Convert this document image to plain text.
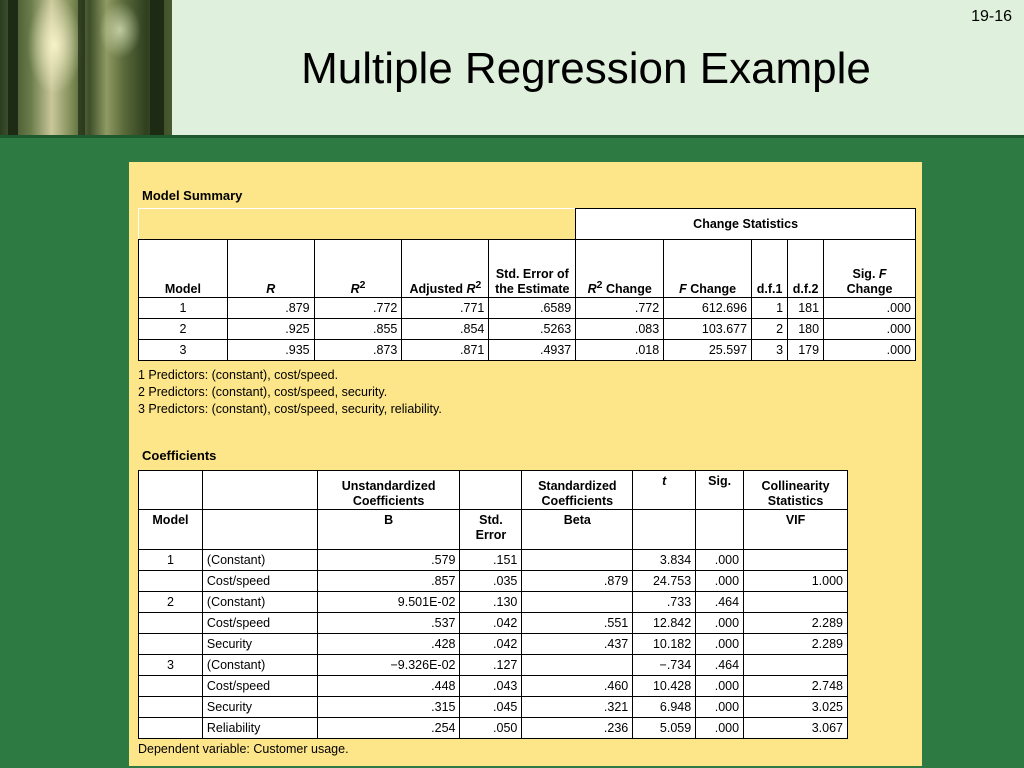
19-16
Multiple Regression Example
Model Summary
					Change Statistics				
Model	R	$R^2$	Adjusted $R^2$	Std. Error of the Estimate	$R^2$ Change	F Change	d.f.1	d.f.2	Sig. F
Change
1	.879	.772	.771	.6589	.772	612.696	1	181	.000
2	.925	.855	.854	.5263	.083	103.677	2	180	.000
3	.935	.873	.871	.4937	.018	25.597	3	179	.000
1 Predictors: (constant), cost/speed.
2 Predictors: (constant), cost/speed, security.
3 Predictors: (constant), cost/speed, security, reliability.
Coefficients
		Unstandardized Coefficients		Standardized Coefficients	t	Sig.	Collinearity Statistics
Model		B	Std. Error	Beta			VIF
1	(Constant)	.579	.151		3.834	.000	
	Cost/speed	.857	.035	.879	24.753	.000	1.000
2	(Constant)	9.501E-02	.130		.733	.464	
	Cost/speed	.537	.042	.551	12.842	.000	2.289
	Security	.428	.042	.437	10.182	.000	2.289
3	(Constant)	−9.326E-02	.127		−.734	.464	
	Cost/speed	.448	.043	.460	10.428	.000	2.748
	Security	.315	.045	.321	6.948	.000	3.025
	Reliability	.254	.050	.236	5.059	.000	3.067
Dependent variable: Customer usage.
